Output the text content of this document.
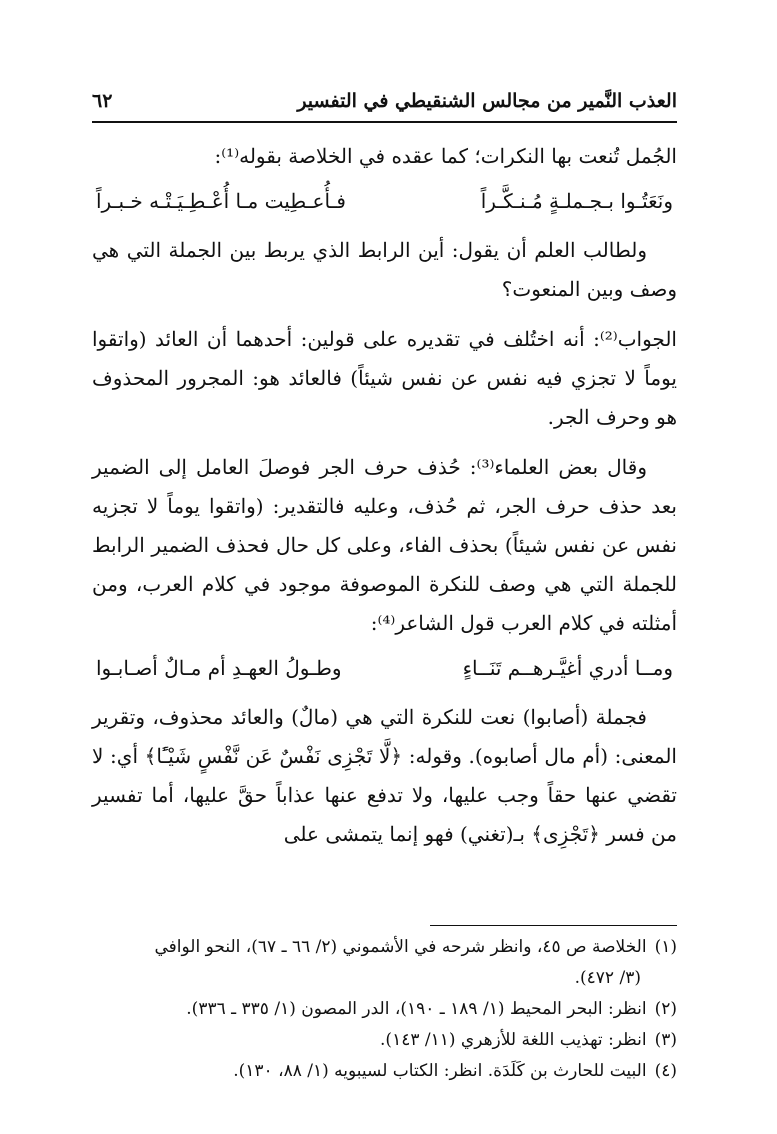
العذب النَّمير من مجالس الشنقيطي في التفسير
٦٢

الجُمل تُنعت بها النكرات؛ كما عقده في الخلاصة بقوله⁽¹⁾:

ونَعَتُـوا بـجـملـةٍ مُـنـكَّـراً
فـأُعـطِيت مـا أُعْـطِـيَـتْـه خـبـراً

ولطالب العلم أن يقول: أين الرابط الذي يربط بين الجملة التي هي وصف وبين المنعوت؟

الجواب⁽²⁾: أنه اختُلف في تقديره على قولين: أحدهما أن العائد (واتقوا يوماً لا تجزي فيه نفس عن نفس شيئاً) فالعائد هو: المجرور المحذوف هو وحرف الجر.

وقال بعض العلماء⁽³⁾: حُذف حرف الجر فوصلَ العامل إلى الضمير بعد حذف حرف الجر، ثم حُذف، وعليه فالتقدير: (واتقوا يوماً لا تجزيه نفس عن نفس شيئاً) بحذف الفاء، وعلى كل حال فحذف الضمير الرابط للجملة التي هي وصف للنكرة الموصوفة موجود في كلام العرب، ومن أمثلته في كلام العرب قول الشاعر⁽⁴⁾:

ومــا أدري أغيَّـرهــم تَنَــاءٍ
وطـولُ العهـدِ أم مـالٌ أصـابـوا

فجملة (أصابوا) نعت للنكرة التي هي (مالٌ) والعائد محذوف، وتقرير المعنى: (أم مال أصابوه). وقوله: ﴿لَّا تَجْزِى نَفْسٌ عَن نَّفْسٍ شَيْـًٔا﴾ أي: لا تقضي عنها حقاً وجب عليها، ولا تدفع عنها عذاباً حقَّ عليها، أما تفسير من فسر ﴿تَجْزِى﴾ بـ(تغني) فهو إنما يتمشى على

(١)الخلاصة ص ٤٥، وانظر شرحه في الأشموني (٢/ ٦٦ ـ ٦٧)، النحو الوافي

(٣/ ٤٧٢).

(٢)انظر: البحر المحيط (١/ ١٨٩ ـ ١٩٠)، الدر المصون (١/ ٣٣٥ ـ ٣٣٦).

(٣)انظر: تهذيب اللغة للأزهري (١١/ ١٤٣).

(٤)البيت للحارث بن كَلَدَة. انظر: الكتاب لسيبويه (١/ ٨٨، ١٣٠).
